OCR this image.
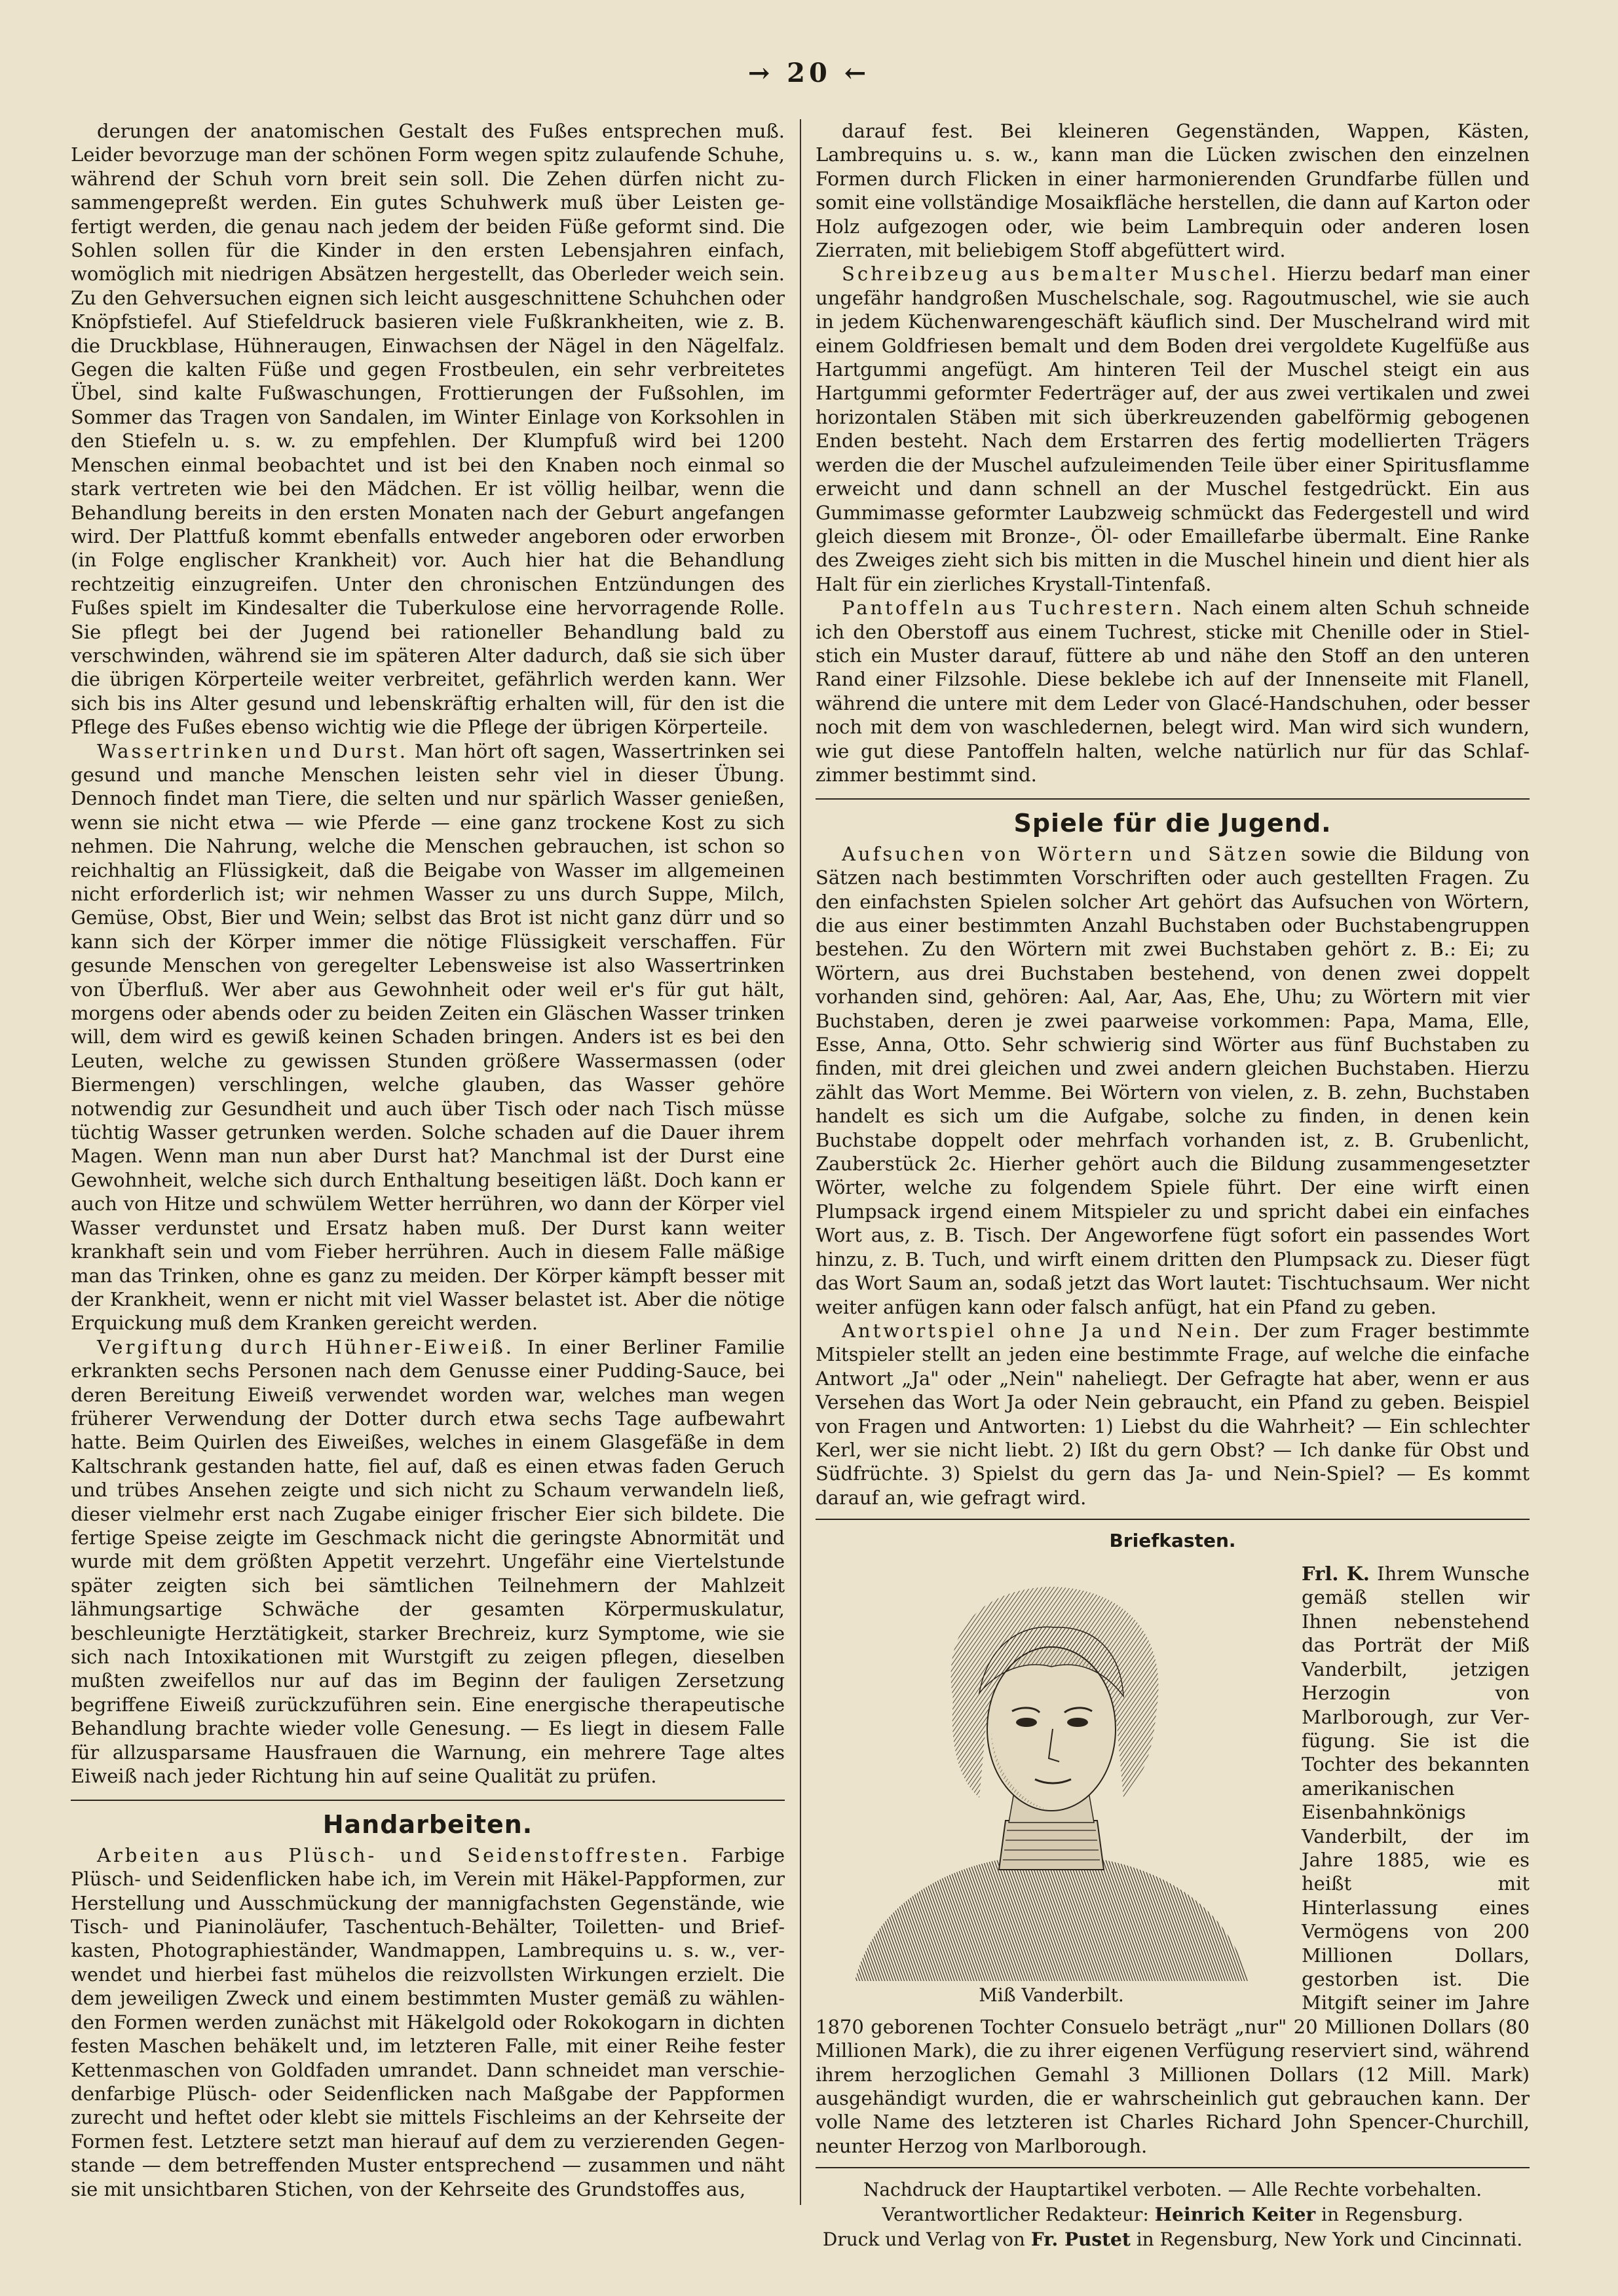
→ 20 ←

derungen der anatomischen Gestalt des Fußes entsprechen muß. Leider bevorzuge man der schönen Form wegen spitz zulaufende Schuhe, während der Schuh vorn breit sein soll. Die Zehen dürfen nicht zusammengepreßt werden. Ein gutes Schuhwerk muß über Leisten gefertigt werden, die genau nach jedem der beiden Füße geformt sind. Die Sohlen sollen für die Kinder in den ersten Lebensjahren einfach, womöglich mit niedrigen Absätzen hergestellt, das Oberleder weich sein. Zu den Gehversuchen eignen sich leicht ausgeschnittene Schuhchen oder Knöpfstiefel. Auf Stiefeldruck basieren viele Fußkrankheiten, wie z. B. die Druckblase, Hühneraugen, Einwachsen der Nägel in den Nägelfalz. Gegen die kalten Füße und gegen Frostbeulen, ein sehr verbreitetes Übel, sind kalte Fußwaschungen, Frottierungen der Fußsohlen, im Sommer das Tragen von Sandalen, im Winter Einlage von Korksohlen in den Stiefeln u. s. w. zu empfehlen. Der Klumpfuß wird bei 1200 Menschen einmal beobachtet und ist bei den Knaben noch einmal so stark vertreten wie bei den Mädchen. Er ist völlig heilbar, wenn die Behandlung bereits in den ersten Monaten nach der Geburt angefangen wird. Der Plattfuß kommt ebenfalls entweder angeboren oder erworben (in Folge englischer Krankheit) vor. Auch hier hat die Behandlung rechtzeitig einzugreifen. Unter den chronischen Entzündungen des Fußes spielt im Kindesalter die Tuberkulose eine hervorragende Rolle. Sie pflegt bei der Jugend bei rationeller Behandlung bald zu verschwinden, während sie im späteren Alter dadurch, daß sie sich über die übrigen Körperteile weiter verbreitet, gefährlich werden kann. Wer sich bis ins Alter gesund und lebenskräftig erhalten will, für den ist die Pflege des Fußes ebenso wichtig wie die Pflege der übrigen Körperteile.

Wassertrinken und Durst. Man hört oft sagen, Wassertrinken sei gesund und manche Menschen leisten sehr viel in dieser Übung. Dennoch findet man Tiere, die selten und nur spärlich Wasser genießen, wenn sie nicht etwa — wie Pferde — eine ganz trockene Kost zu sich nehmen. Die Nahrung, welche die Menschen gebrauchen, ist schon so reichhaltig an Flüssigkeit, daß die Beigabe von Wasser im allgemeinen nicht erforderlich ist; wir nehmen Wasser zu uns durch Suppe, Milch, Gemüse, Obst, Bier und Wein; selbst das Brot ist nicht ganz dürr und so kann sich der Körper immer die nötige Flüssigkeit verschaffen. Für gesunde Menschen von geregelter Lebensweise ist also Wassertrinken von Überfluß. Wer aber aus Gewohnheit oder weil er's für gut hält, morgens oder abends oder zu beiden Zeiten ein Gläschen Wasser trinken will, dem wird es gewiß keinen Schaden bringen. Anders ist es bei den Leuten, welche zu gewissen Stunden größere Wassermassen (oder Biermengen) verschlingen, welche glauben, das Wasser gehöre notwendig zur Gesundheit und auch über Tisch oder nach Tisch müsse tüchtig Wasser getrunken werden. Solche schaden auf die Dauer ihrem Magen. Wenn man nun aber Durst hat? Manchmal ist der Durst eine Gewohnheit, welche sich durch Enthaltung beseitigen läßt. Doch kann er auch von Hitze und schwülem Wetter herrühren, wo dann der Körper viel Wasser verdunstet und Ersatz haben muß. Der Durst kann weiter krankhaft sein und vom Fieber herrühren. Auch in diesem Falle mäßige man das Trinken, ohne es ganz zu meiden. Der Körper kämpft besser mit der Krankheit, wenn er nicht mit viel Wasser belastet ist. Aber die nötige Erquickung muß dem Kranken gereicht werden.

Vergiftung durch Hühner-Eiweiß. In einer Berliner Familie erkrankten sechs Personen nach dem Genusse einer Pudding-Sauce, bei deren Bereitung Eiweiß verwendet worden war, welches man wegen früherer Verwendung der Dotter durch etwa sechs Tage aufbewahrt hatte. Beim Quirlen des Eiweißes, welches in einem Glasgefäße in dem Kaltschrank gestanden hatte, fiel auf, daß es einen etwas faden Geruch und trübes Ansehen zeigte und sich nicht zu Schaum verwandeln ließ, dieser vielmehr erst nach Zugabe einiger frischer Eier sich bildete. Die fertige Speise zeigte im Geschmack nicht die geringste Abnormität und wurde mit dem größten Appetit verzehrt. Ungefähr eine Viertelstunde später zeigten sich bei sämtlichen Teilnehmern der Mahlzeit lähmungsartige Schwäche der gesamten Körpermuskulatur, beschleunigte Herztätigkeit, starker Brechreiz, kurz Symptome, wie sie sich nach Intoxikationen mit Wurstgift zu zeigen pflegen, dieselben mußten zweifellos nur auf das im Beginn der fauligen Zersetzung begriffene Eiweiß zurückzuführen sein. Eine energische therapeutische Behandlung brachte wieder volle Genesung. — Es liegt in diesem Falle für allzusparsame Hausfrauen die Warnung, ein mehrere Tage altes Eiweiß nach jeder Richtung hin auf seine Qualität zu prüfen.

Handarbeiten.

Arbeiten aus Plüsch- und Seidenstoffresten. Farbige Plüsch- und Seidenflicken habe ich, im Verein mit Häkel-Pappformen, zur Herstellung und Ausschmückung der mannigfachsten Gegenstände, wie Tisch- und Pianinoläufer, Taschentuch-Behälter, Toiletten- und Briefkasten, Photographieständer, Wandmappen, Lambrequins u. s. w., verwendet und hierbei fast mühelos die reizvollsten Wirkungen erzielt. Die dem jeweiligen Zweck und einem bestimmten Muster gemäß zu wählenden Formen werden zunächst mit Häkelgold oder Rokokogarn in dichten festen Maschen behäkelt und, im letzteren Falle, mit einer Reihe fester Kettenmaschen von Goldfaden umrandet. Dann schneidet man verschiedenfarbige Plüsch- oder Seidenflicken nach Maßgabe der Pappformen zurecht und heftet oder klebt sie mittels Fischleims an der Kehrseite der Formen fest. Letztere setzt man hierauf auf dem zu verzierenden Gegenstande — dem betreffenden Muster entsprechend — zusammen und näht sie mit unsichtbaren Stichen, von der Kehrseite des Grundstoffes aus,

darauf fest. Bei kleineren Gegenständen, Wappen, Kästen, Lambrequins u. s. w., kann man die Lücken zwischen den einzelnen Formen durch Flicken in einer harmonierenden Grundfarbe füllen und somit eine vollständige Mosaikfläche herstellen, die dann auf Karton oder Holz aufgezogen oder, wie beim Lambrequin oder anderen losen Zierraten, mit beliebigem Stoff abgefüttert wird.

Schreibzeug aus bemalter Muschel. Hierzu bedarf man einer ungefähr handgroßen Muschelschale, sog. Ragoutmuschel, wie sie auch in jedem Küchenwarengeschäft käuflich sind. Der Muschelrand wird mit einem Goldfriesen bemalt und dem Boden drei vergoldete Kugelfüße aus Hartgummi angefügt. Am hinteren Teil der Muschel steigt ein aus Hartgummi geformter Federträger auf, der aus zwei vertikalen und zwei horizontalen Stäben mit sich überkreuzenden gabelförmig gebogenen Enden besteht. Nach dem Erstarren des fertig modellierten Trägers werden die der Muschel aufzuleimenden Teile über einer Spiritusflamme erweicht und dann schnell an der Muschel festgedrückt. Ein aus Gummimasse geformter Laubzweig schmückt das Federgestell und wird gleich diesem mit Bronze-, Öl- oder Emaillefarbe übermalt. Eine Ranke des Zweiges zieht sich bis mitten in die Muschel hinein und dient hier als Halt für ein zierliches Krystall-Tintenfaß.

Pantoffeln aus Tuchrestern. Nach einem alten Schuh schneide ich den Oberstoff aus einem Tuchrest, sticke mit Chenille oder in Stielstich ein Muster darauf, füttere ab und nähe den Stoff an den unteren Rand einer Filzsohle. Diese beklebe ich auf der Innenseite mit Flanell, während die untere mit dem Leder von Glacé-Handschuhen, oder besser noch mit dem von waschledernen, belegt wird. Man wird sich wundern, wie gut diese Pantoffeln halten, welche natürlich nur für das Schlafzimmer bestimmt sind.

Spiele für die Jugend.

Aufsuchen von Wörtern und Sätzen sowie die Bildung von Sätzen nach bestimmten Vorschriften oder auch gestellten Fragen. Zu den einfachsten Spielen solcher Art gehört das Aufsuchen von Wörtern, die aus einer bestimmten Anzahl Buchstaben oder Buchstabengruppen bestehen. Zu den Wörtern mit zwei Buchstaben gehört z. B.: Ei; zu Wörtern, aus drei Buchstaben bestehend, von denen zwei doppelt vorhanden sind, gehören: Aal, Aar, Aas, Ehe, Uhu; zu Wörtern mit vier Buchstaben, deren je zwei paarweise vorkommen: Papa, Mama, Elle, Esse, Anna, Otto. Sehr schwierig sind Wörter aus fünf Buchstaben zu finden, mit drei gleichen und zwei andern gleichen Buchstaben. Hierzu zählt das Wort Memme. Bei Wörtern von vielen, z. B. zehn, Buchstaben handelt es sich um die Aufgabe, solche zu finden, in denen kein Buchstabe doppelt oder mehrfach vorhanden ist, z. B. Grubenlicht, Zauberstück 2c. Hierher gehört auch die Bildung zusammengesetzter Wörter, welche zu folgendem Spiele führt. Der eine wirft einen Plumpsack irgend einem Mitspieler zu und spricht dabei ein einfaches Wort aus, z. B. Tisch. Der Angeworfene fügt sofort ein passendes Wort hinzu, z. B. Tuch, und wirft einem dritten den Plumpsack zu. Dieser fügt das Wort Saum an, sodaß jetzt das Wort lautet: Tischtuchsaum. Wer nicht weiter anfügen kann oder falsch anfügt, hat ein Pfand zu geben.

Antwortspiel ohne Ja und Nein. Der zum Frager bestimmte Mitspieler stellt an jeden eine bestimmte Frage, auf welche die einfache Antwort „Ja" oder „Nein" naheliegt. Der Gefragte hat aber, wenn er aus Versehen das Wort Ja oder Nein gebraucht, ein Pfand zu geben. Beispiel von Fragen und Antworten: 1) Liebst du die Wahrheit? — Ein schlechter Kerl, wer sie nicht liebt. 2) Ißt du gern Obst? — Ich danke für Obst und Südfrüchte. 3) Spielst du gern das Ja- und Nein-Spiel? — Es kommt darauf an, wie gefragt wird.

Briefkasten.
Miß Vanderbilt.

Frl. K. Ihrem Wunsche gemäß stellen wir Ihnen nebenstehend das Porträt der Miß Vanderbilt, jetzigen Herzogin von Marlborough, zur Verfügung. Sie ist die Tochter des bekannten amerikanischen Eisenbahnkönigs Vanderbilt, der im Jahre 1885, wie es heißt mit Hinterlassung eines Vermögens von 200 Millionen Dollars, gestorben ist. Die Mitgift seiner im Jahre 1870 geborenen Tochter Consuelo beträgt „nur" 20 Millionen Dollars (80 Millionen Mark), die zu ihrer eigenen Verfügung reserviert sind, während ihrem herzoglichen Gemahl 3 Millionen Dollars (12 Mill. Mark) ausgehändigt wurden, die er wahrscheinlich gut gebrauchen kann. Der volle Name des letzteren ist Charles Richard John Spencer-Churchill, neunter Herzog von Marlborough.

Nachdruck der Hauptartikel verboten. — Alle Rechte vorbehalten.
Verantwortlicher Redakteur: Heinrich Keiter in Regensburg.
Druck und Verlag von Fr. Pustet in Regensburg, New York und Cincinnati.
